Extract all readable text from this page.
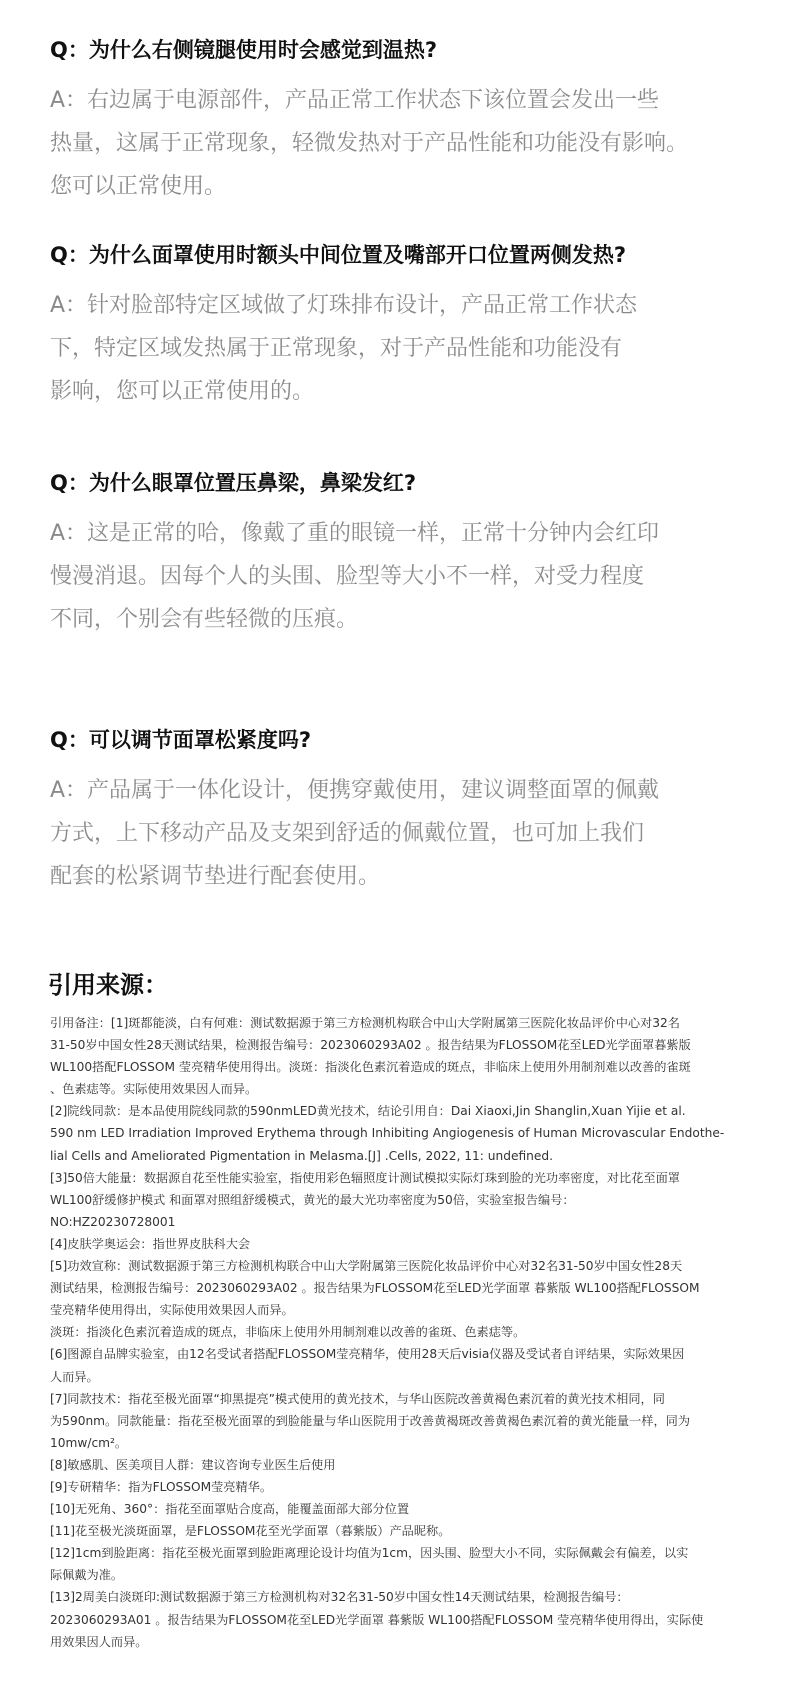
Q：为什么右侧镜腿使用时会感觉到温热?

A：右边属于电源部件，产品正常工作状态下该位置会发出一些

热量，这属于正常现象，轻微发热对于产品性能和功能没有影响。

您可以正常使用。

Q：为什么面罩使用时额头中间位置及嘴部开口位置两侧发热?

A：针对脸部特定区域做了灯珠排布设计，产品正常工作状态

下，特定区域发热属于正常现象，对于产品性能和功能没有

影响，您可以正常使用的。

Q：为什么眼罩位置压鼻梁，鼻梁发红?

A：这是正常的哈，像戴了重的眼镜一样，正常十分钟内会红印

慢漫消退。因每个人的头围、脸型等大小不一样，对受力程度

不同，个别会有些轻微的压痕。

Q：可以调节面罩松紧度吗?

A：产品属于一体化设计，便携穿戴使用，建议调整面罩的佩戴

方式，上下移动产品及支架到舒适的佩戴位置，也可加上我们

配套的松紧调节垫进行配套使用。

引用来源：

引用备注：[1]斑都能淡，白有何难：测试数据源于第三方检测机构联合中山大学附属第三医院化妆品评价中心对32名

31-50岁中国女性28天测试结果，检测报告编号：2023060293A02 。报告结果为FLOSSOM花至LED光学面罩暮紫版

WL100搭配FLOSSOM 莹亮精华使用得出。淡斑：指淡化色素沉着造成的斑点，非临床上使用外用制剂难以改善的雀斑

、色素痣等。实际使用效果因人而异。

[2]院线同款：是本品使用院线同款的590nmLED黄光技术，结论引用自：Dai Xiaoxi,Jin Shanglin,Xuan Yijie et al.

590 nm LED Irradiation Improved Erythema through Inhibiting Angiogenesis of Human Microvascular Endothe-

lial Cells and Ameliorated Pigmentation in Melasma.[J] .Cells, 2022, 11: undefined.

[3]50倍大能量：数据源自花至性能实验室，指使用彩色辐照度计测试模拟实际灯珠到脸的光功率密度，对比花至面罩

WL100舒缓修护模式 和面罩对照组舒缓模式，黄光的最大光功率密度为50倍，实验室报告编号：

NO:HZ20230728001

[4]皮肤学奥运会：指世界皮肤科大会

[5]功效宣称：测试数据源于第三方检测机构联合中山大学附属第三医院化妆品评价中心对32名31-50岁中国女性28天

测试结果，检测报告编号：2023060293A02 。报告结果为FLOSSOM花至LED光学面罩 暮紫版 WL100搭配FLOSSOM

莹亮精华使用得出，实际使用效果因人而异。

淡斑：指淡化色素沉着造成的斑点，非临床上使用外用制剂难以改善的雀斑、色素痣等。

[6]图源自品牌实验室，由12名受试者搭配FLOSSOM莹亮精华，使用28天后visia仪器及受试者自评结果，实际效果因

人而异。

[7]同款技术：指花至极光面罩“抑黑提亮”模式使用的黄光技术，与华山医院改善黄褐色素沉着的黄光技术相同，同

为590nm。同款能量：指花至极光面罩的到脸能量与华山医院用于改善黄褐斑改善黄褐色素沉着的黄光能量一样，同为

10mw/cm²。

[8]敏感肌、医美项目人群：建议咨询专业医生后使用

[9]专研精华：指为FLOSSOM莹亮精华。

[10]无死角、360°：指花至面罩贴合度高，能覆盖面部大部分位置

[11]花至极光淡斑面罩，是FLOSSOM花至光学面罩（暮紫版）产品昵称。

[12]1cm到脸距离：指花至极光面罩到脸距离理论设计均值为1cm，因头围、脸型大小不同，实际佩戴会有偏差，以实

际佩戴为准。

[13]2周美白淡斑印:测试数据源于第三方检测机构对32名31-50岁中国女性14天测试结果，检测报告编号：

2023060293A01 。报告结果为FLOSSOM花至LED光学面罩 暮紫版 WL100搭配FLOSSOM 莹亮精华使用得出，实际使

用效果因人而异。
